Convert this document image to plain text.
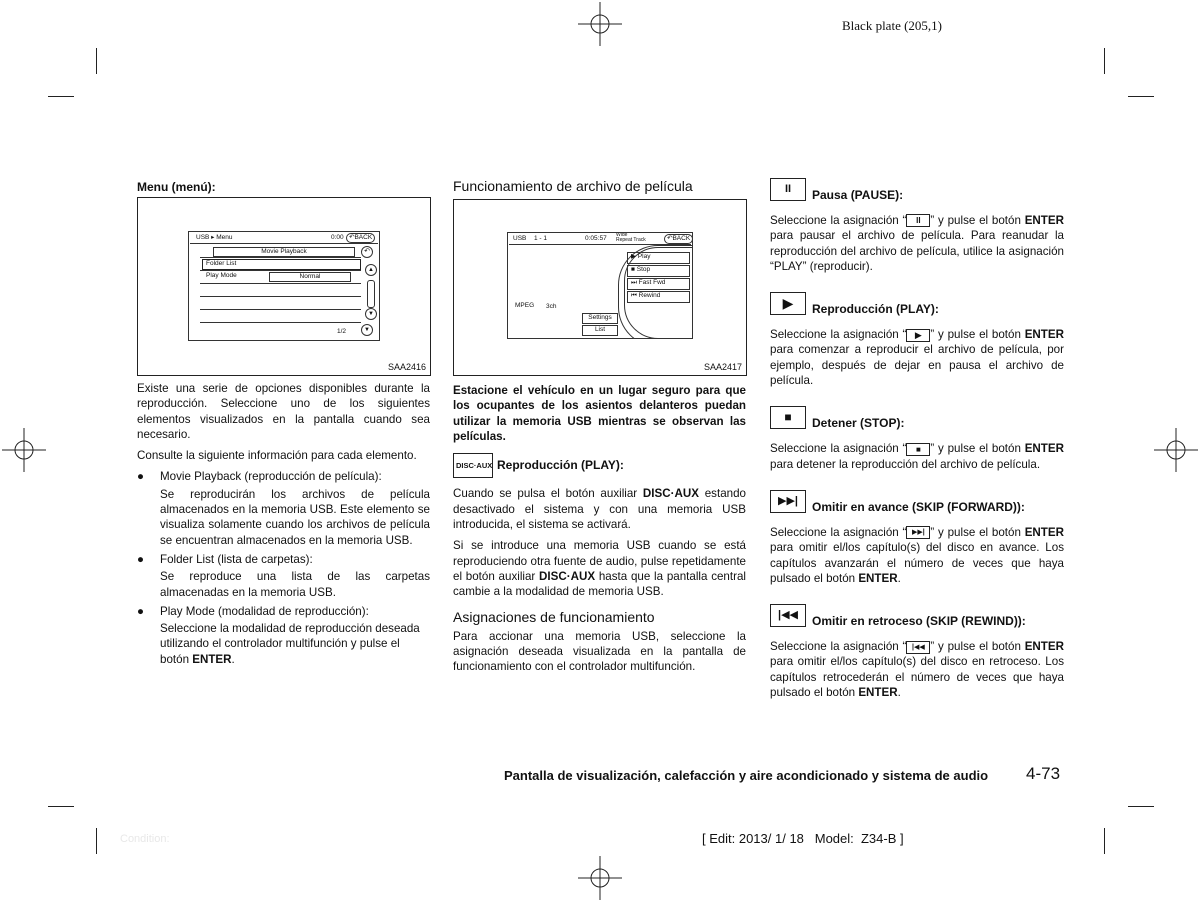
Black plate (205,1)
Menu (menú):
USB ▸ Menu	0:00 ↶BACK
Movie Playback
Folder List
Play Mode	Normal
1/2
↶
▲
▼
▼
SAA2416

Existe una serie de opciones disponibles durante la reproducción. Seleccione uno de los siguientes elementos visualizados en la pantalla cuando sea necesario.

Consulte la siguiente información para cada elemento.

● Movie Playback (reproducción de película):
Se reproducirán los archivos de película almacenados en la memoria USB. Este elemento se visualiza solamente cuando los archivos de película se encuentran almacenados en la memoria USB.
● Folder List (lista de carpetas):
Se reproduce una lista de las carpetas almacenadas en la memoria USB.
● Play Mode (modalidad de reproducción):
Seleccione la modalidad de reproducción deseada utilizando el controlador multifunción y pulse el botón ENTER.
Funcionamiento de archivo de película
USB 1 - 1	0:05:57 Wide
Repeat Track	↶BACK
MPEG 3ch
▶ Play
■ Stop
⏭ Fast Fwd
⏮ Rewind
Settings
List
SAA2417

Estacione el vehículo en un lugar seguro para que los ocupantes de los asientos delanteros puedan utilizar la memoria USB mientras se observan las películas.

DISC·AUX Reproducción (PLAY):

Cuando se pulsa el botón auxiliar DISC·AUX estando desactivado el sistema y con una memoria USB introducida, el sistema se activará.

Si se introduce una memoria USB cuando se está reproduciendo otra fuente de audio, pulse repetidamente el botón auxiliar DISC·AUX hasta que la pantalla central cambie a la modalidad de memoria USB.

Asignaciones de funcionamiento

Para accionar una memoria USB, seleccione la asignación deseada visualizada en la pantalla de funcionamiento con el controlador multifunción.

II	Pausa (PAUSE):

Seleccione la asignación “ II ” y pulse el botón ENTER para pausar el archivo de película. Para reanudar la reproducción del archivo de película, utilice la asignación “PLAY” (reproducir).

▶	Reproducción (PLAY):

Seleccione la asignación “ ▶ ” y pulse el botón ENTER para comenzar a reproducir el archivo de película, por ejemplo, después de dejar en pausa el archivo de película.

■	Detener (STOP):

Seleccione la asignación “ ■ ” y pulse el botón ENTER para detener la reproducción del archivo de película.

▶▶|	Omitir en avance (SKIP (FORWARD)):

Seleccione la asignación “ ▶▶| ” y pulse el botón ENTER para omitir el/los capítulo(s) del disco en avance. Los capítulos avanzarán el número de veces que haya pulsado el botón ENTER.

|◀◀	Omitir en retroceso (SKIP (REWIND)):

Seleccione la asignación “ |◀◀ ” y pulse el botón ENTER para omitir el/los capítulo(s) del disco en retroceso. Los capítulos retrocederán el número de veces que haya pulsado el botón ENTER.

Pantalla de visualización, calefacción y aire acondicionado y sistema de audio 4-73
Condition:	[ Edit: 2013/ 1/ 18   Model:  Z34-B ]
